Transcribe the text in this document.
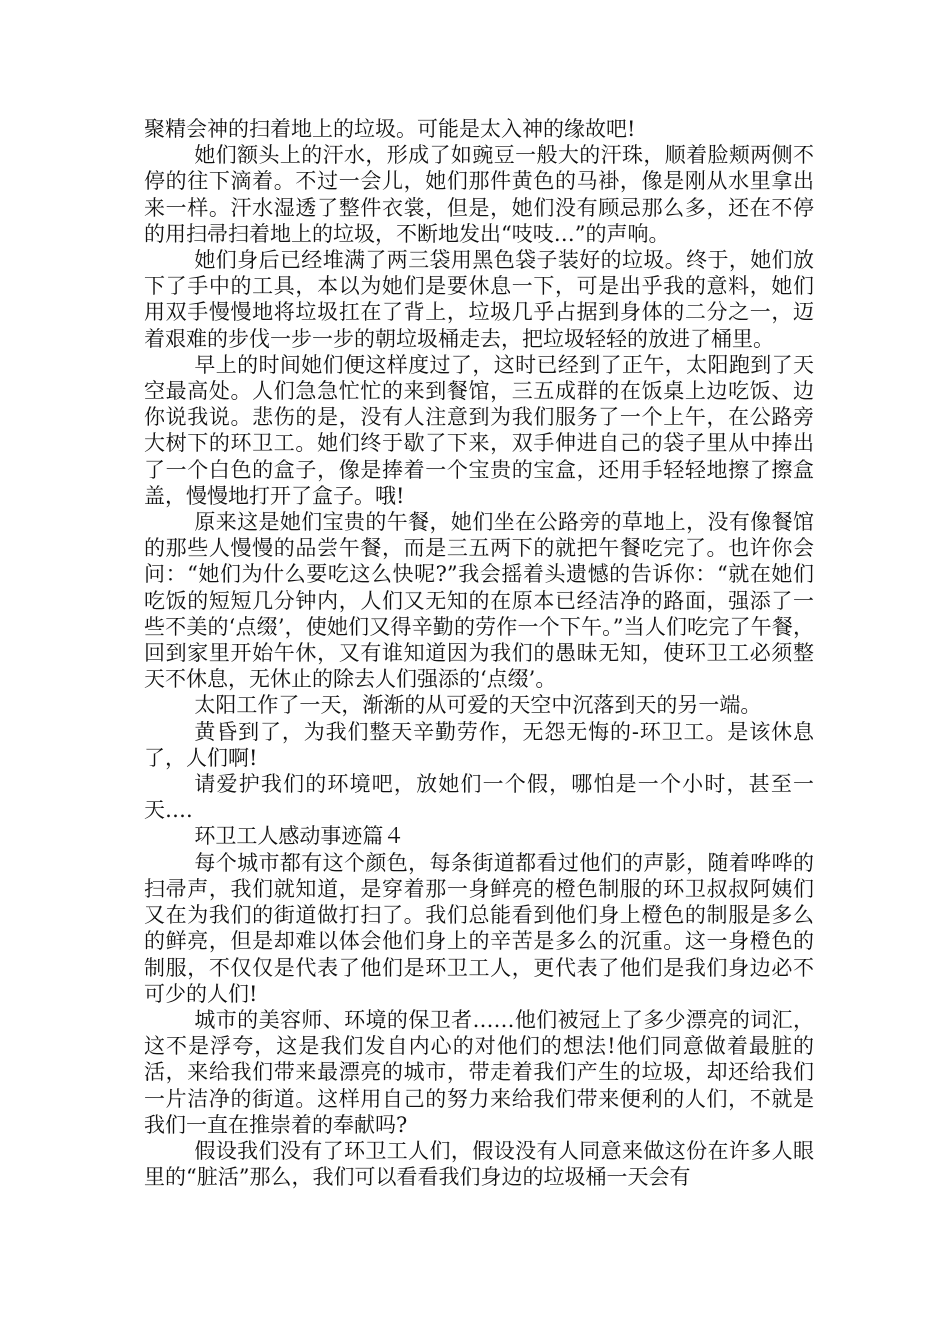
聚精会神的扫着地上的垃圾。可能是太入神的缘故吧!

她们额头上的汗水，形成了如豌豆一般大的汗珠，顺着脸颊两侧不停的往下滴着。不过一会儿，她们那件黄色的马褂，像是刚从水里拿出来一样。汗水湿透了整件衣裳，但是，她们没有顾忌那么多，还在不停的用扫帚扫着地上的垃圾，不断地发出“吱吱…”的声响。

她们身后已经堆满了两三袋用黑色袋子装好的垃圾。终于，她们放下了手中的工具，本以为她们是要休息一下，可是出乎我的意料，她们用双手慢慢地将垃圾扛在了背上，垃圾几乎占据到身体的二分之一，迈着艰难的步伐一步一步的朝垃圾桶走去，把垃圾轻轻的放进了桶里。

早上的时间她们便这样度过了，这时已经到了正午，太阳跑到了天空最高处。人们急急忙忙的来到餐馆，三五成群的在饭桌上边吃饭、边你说我说。悲伤的是，没有人注意到为我们服务了一个上午，在公路旁大树下的环卫工。她们终于歇了下来，双手伸进自己的袋子里从中捧出了一个白色的盒子，像是捧着一个宝贵的宝盒，还用手轻轻地擦了擦盒盖，慢慢地打开了盒子。哦!

原来这是她们宝贵的午餐，她们坐在公路旁的草地上，没有像餐馆的那些人慢慢的品尝午餐，而是三五两下的就把午餐吃完了。也许你会问：“她们为什么要吃这么快呢?”我会摇着头遗憾的告诉你：“就在她们吃饭的短短几分钟内，人们又无知的在原本已经洁净的路面，强添了一些不美的‘点缀’，使她们又得辛勤的劳作一个下午。”当人们吃完了午餐，回到家里开始午休，又有谁知道因为我们的愚昧无知，使环卫工必须整天不休息，无休止的除去人们强添的‘点缀’。

太阳工作了一天，渐渐的从可爱的天空中沉落到天的另一端。

黄昏到了，为我们整天辛勤劳作，无怨无悔的-环卫工。是该休息了，人们啊!

请爱护我们的环境吧，放她们一个假，哪怕是一个小时，甚至一天….

环卫工人感动事迹篇４

每个城市都有这个颜色，每条街道都看过他们的声影，随着哗哗的扫帚声，我们就知道，是穿着那一身鲜亮的橙色制服的环卫叔叔阿姨们又在为我们的街道做打扫了。我们总能看到他们身上橙色的制服是多么的鲜亮，但是却难以体会他们身上的辛苦是多么的沉重。这一身橙色的制服，不仅仅是代表了他们是环卫工人，更代表了他们是我们身边必不可少的人们!

城市的美容师、环境的保卫者……他们被冠上了多少漂亮的词汇，这不是浮夸，这是我们发自内心的对他们的想法!他们同意做着最脏的活，来给我们带来最漂亮的城市，带走着我们产生的垃圾，却还给我们一片洁净的街道。这样用自己的努力来给我们带来便利的人们，不就是我们一直在推崇着的奉献吗?

假设我们没有了环卫工人们，假设没有人同意来做这份在许多人眼里的“脏活”那么，我们可以看看我们身边的垃圾桶一天会有
